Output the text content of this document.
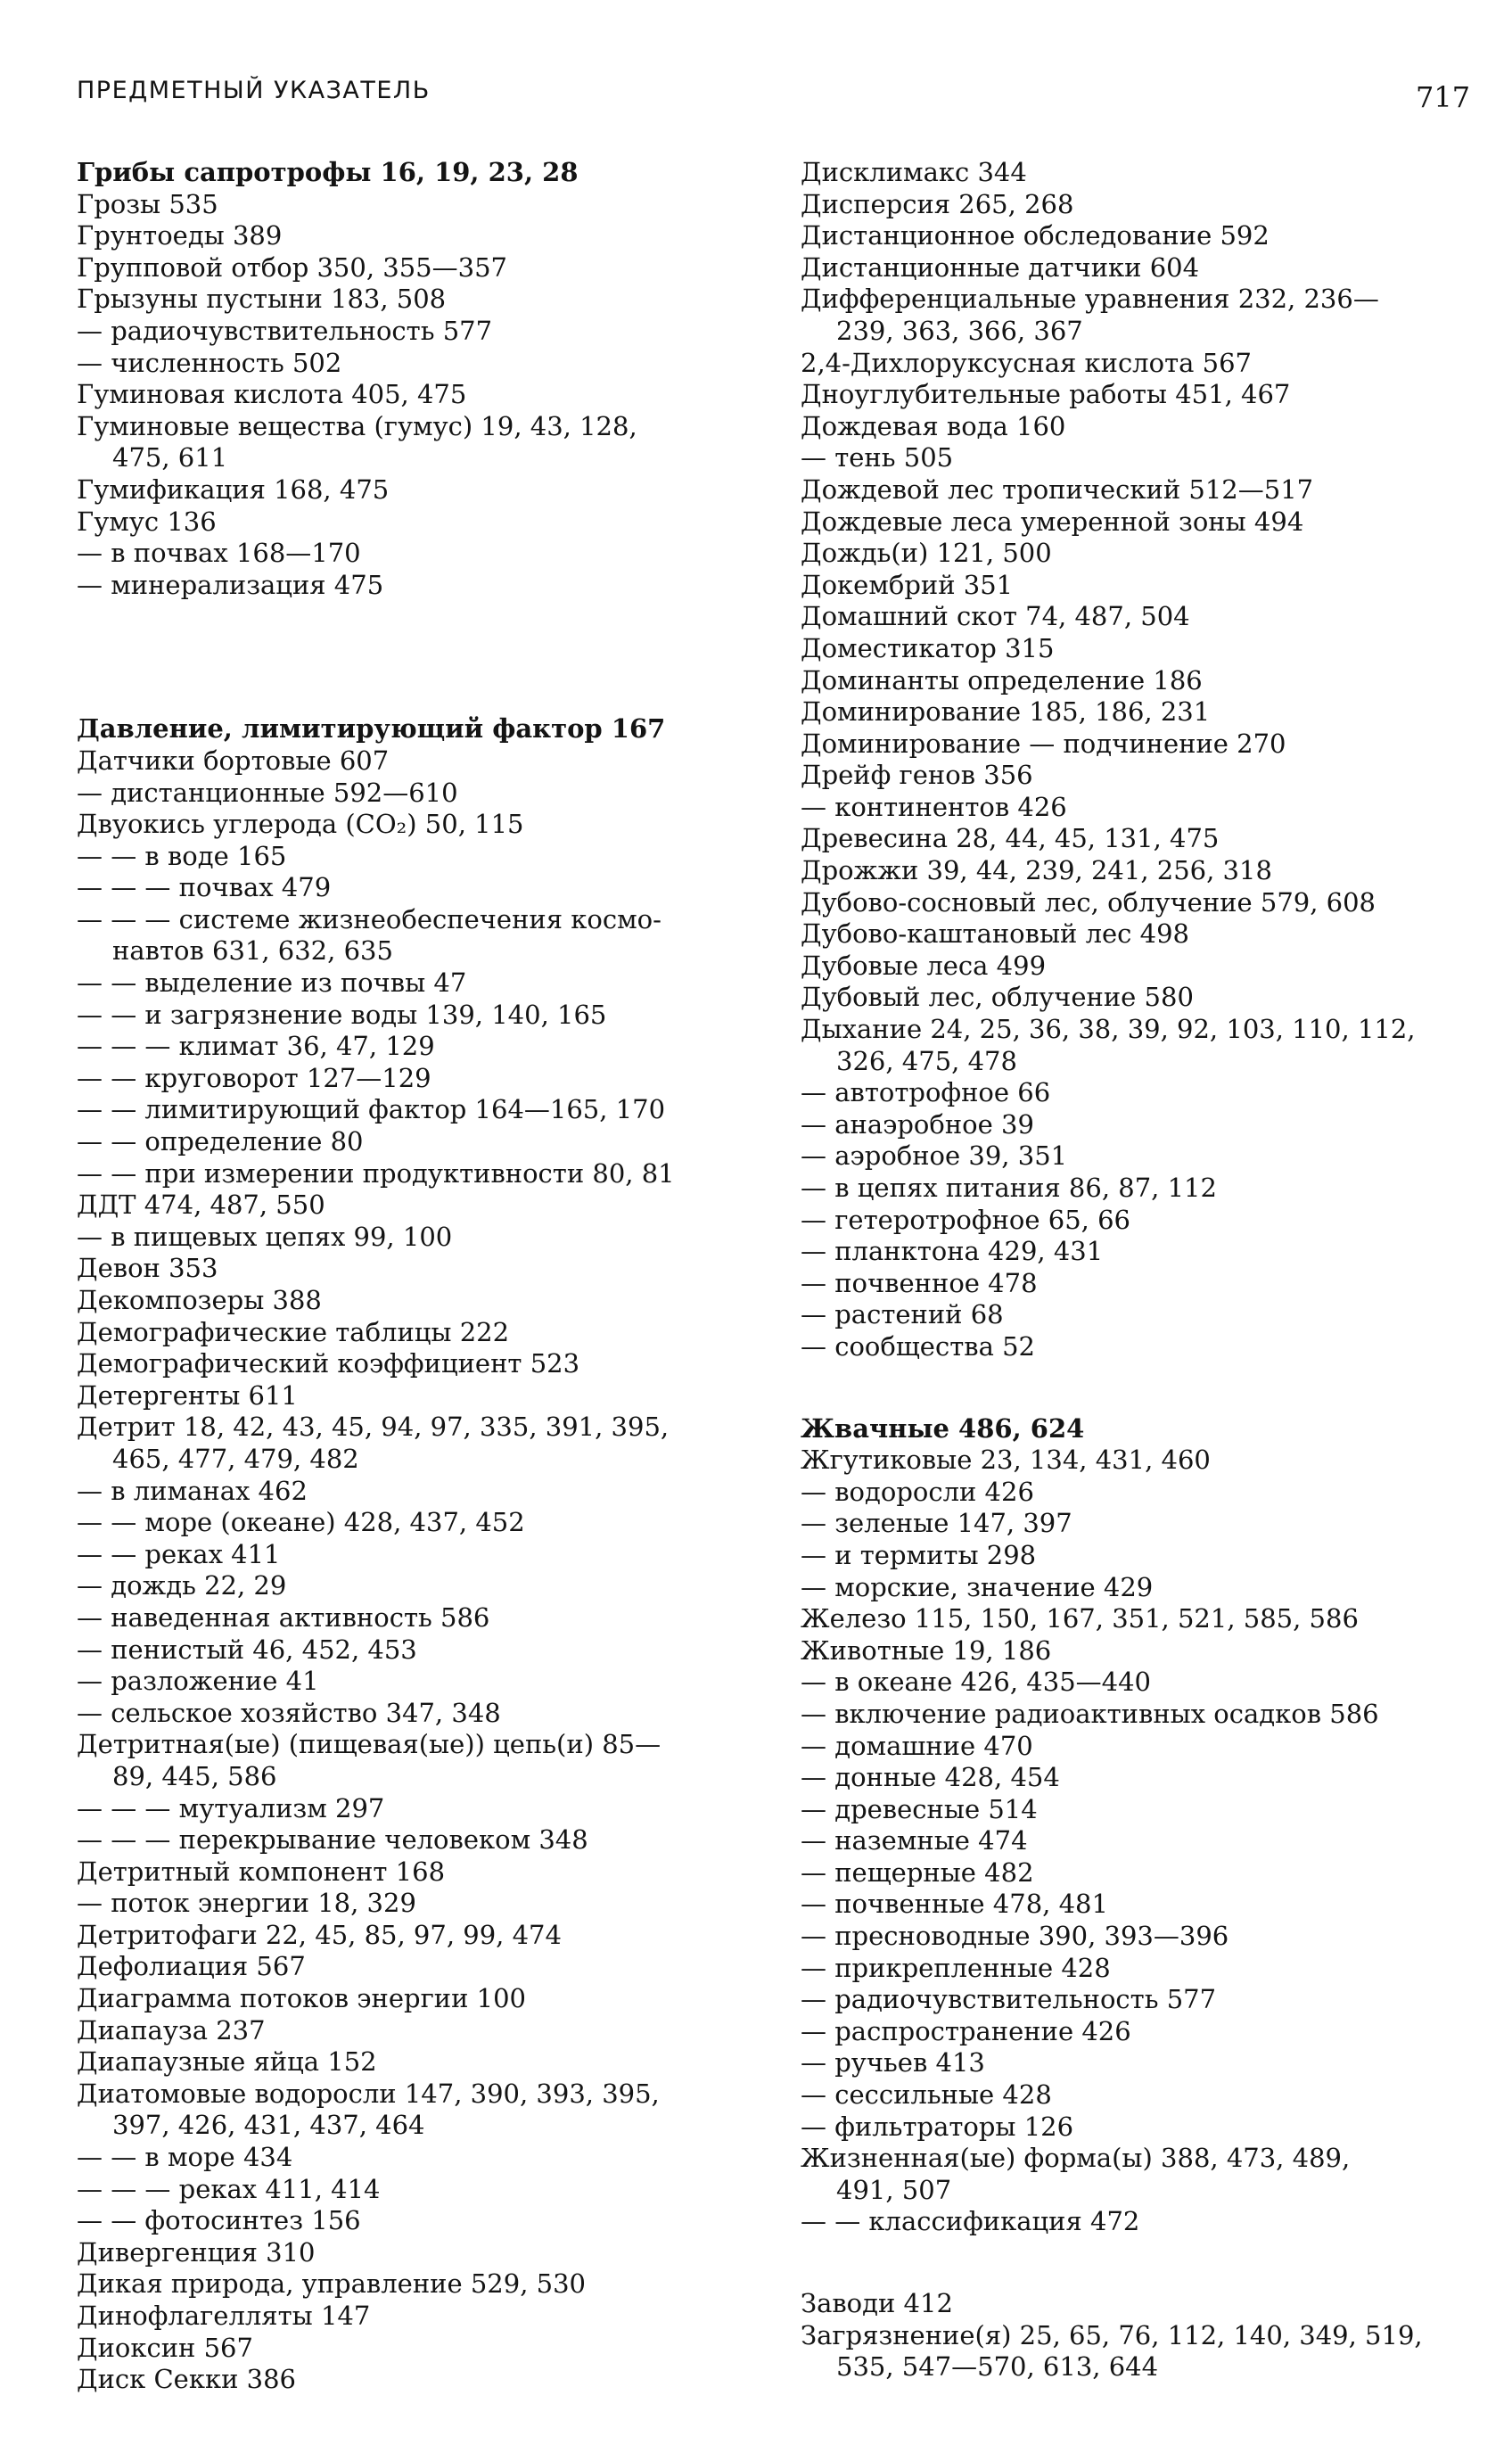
ПРЕДМЕТНЫЙ УКАЗАТЕЛЬ	717
Грибы сапротрофы 16, 19, 23, 28
Грозы 535
Грунтоеды 389
Групповой отбор 350, 355—357
Грызуны пустыни 183, 508
— радиочувствительность 577
— численность 502
Гуминовая кислота 405, 475
Гуминовые вещества (гумус) 19, 43, 128,
475, 611
Гумификация 168, 475
Гумус 136
— в почвах 168—170
— минерализация 475
Давление, лимитирующий фактор 167
Датчики бортовые 607
— дистанционные 592—610
Двуокись углерода (CO₂) 50, 115
— — в воде 165
— — — почвах 479
— — — системе жизнеобеспечения космо-
навтов 631, 632, 635
— — выделение из почвы 47
— — и загрязнение воды 139, 140, 165
— — — климат 36, 47, 129
— — круговорот 127—129
— — лимитирующий фактор 164—165, 170
— — определение 80
— — при измерении продуктивности 80, 81
ДДТ 474, 487, 550
— в пищевых цепях 99, 100
Девон 353
Декомпозеры 388
Демографические таблицы 222
Демографический коэффициент 523
Детергенты 611
Детрит 18, 42, 43, 45, 94, 97, 335, 391, 395,
465, 477, 479, 482
— в лиманах 462
— — море (океане) 428, 437, 452
— — реках 411
— дождь 22, 29
— наведенная активность 586
— пенистый 46, 452, 453
— разложение 41
— сельское хозяйство 347, 348
Детритная(ые) (пищевая(ые)) цепь(и) 85—
89, 445, 586
— — — мутуализм 297
— — — перекрывание человеком 348
Детритный компонент 168
— поток энергии 18, 329
Детритофаги 22, 45, 85, 97, 99, 474
Дефолиация 567
Диаграмма потоков энергии 100
Диапауза 237
Диапаузные яйца 152
Диатомовые водоросли 147, 390, 393, 395,
397, 426, 431, 437, 464
— — в море 434
— — — реках 411, 414
— — фотосинтез 156
Дивергенция 310
Дикая природа, управление 529, 530
Динофлагелляты 147
Диоксин 567
Диск Секки 386
Дисклимакс 344
Дисперсия 265, 268
Дистанционное обследование 592
Дистанционные датчики 604
Дифференциальные уравнения 232, 236—
239, 363, 366, 367
2,4-Дихлоруксусная кислота 567
Дноуглубительные работы 451, 467
Дождевая вода 160
— тень 505
Дождевой лес тропический 512—517
Дождевые леса умеренной зоны 494
Дождь(и) 121, 500
Докембрий 351
Домашний скот 74, 487, 504
Доместикатор 315
Доминанты определение 186
Доминирование 185, 186, 231
Доминирование — подчинение 270
Дрейф генов 356
— континентов 426
Древесина 28, 44, 45, 131, 475
Дрожжи 39, 44, 239, 241, 256, 318
Дубово-сосновый лес, облучение 579, 608
Дубово-каштановый лес 498
Дубовые леса 499
Дубовый лес, облучение 580
Дыхание 24, 25, 36, 38, 39, 92, 103, 110, 112,
326, 475, 478
— автотрофное 66
— анаэробное 39
— аэробное 39, 351
— в цепях питания 86, 87, 112
— гетеротрофное 65, 66
— планктона 429, 431
— почвенное 478
— растений 68
— сообщества 52
Жвачные 486, 624
Жгутиковые 23, 134, 431, 460
— водоросли 426
— зеленые 147, 397
— и термиты 298
— морские, значение 429
Железо 115, 150, 167, 351, 521, 585, 586
Животные 19, 186
— в океане 426, 435—440
— включение радиоактивных осадков 586
— домашние 470
— донные 428, 454
— древесные 514
— наземные 474
— пещерные 482
— почвенные 478, 481
— пресноводные 390, 393—396
— прикрепленные 428
— радиочувствительность 577
— распространение 426
— ручьев 413
— сессильные 428
— фильтраторы 126
Жизненная(ые) форма(ы) 388, 473, 489,
491, 507
— — классификация 472
Заводи 412
Загрязнение(я) 25, 65, 76, 112, 140, 349, 519,
535, 547—570, 613, 644
